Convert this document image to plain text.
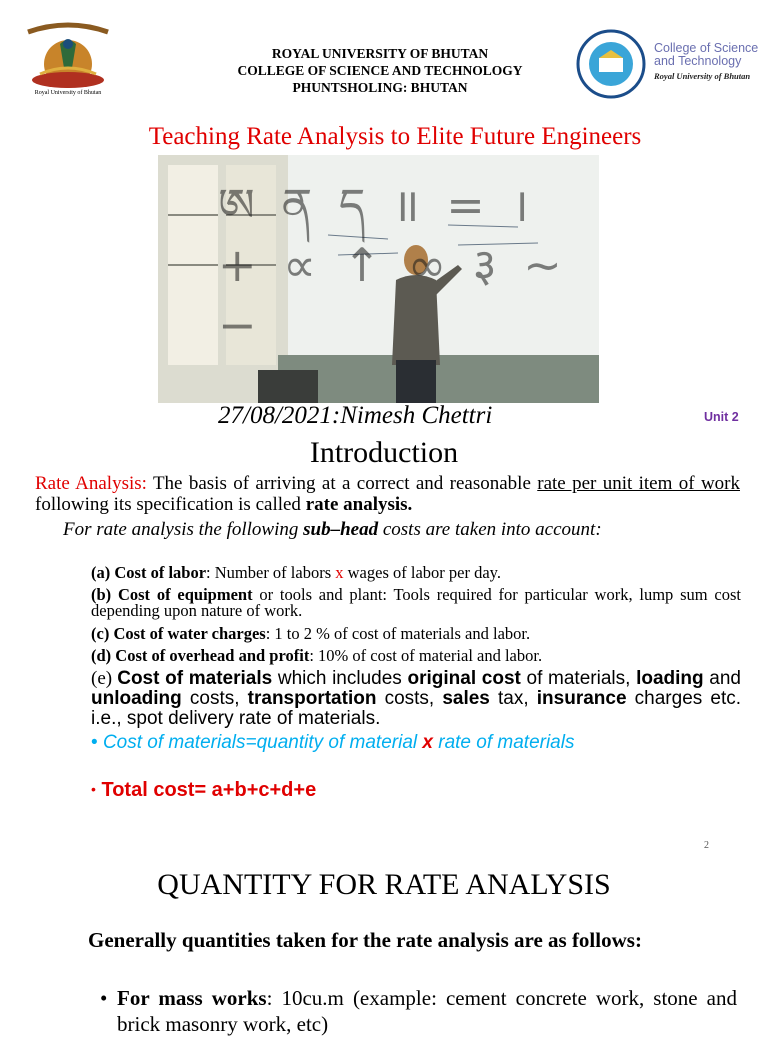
Royal University of Bhutan
ROYAL UNIVERSITY OF BHUTAN
COLLEGE OF SCIENCE AND TECHNOLOGY
PHUNTSHOLING: BHUTAN
College of Science
and Technology
Royal University of Bhutan
Teaching Rate Analysis to Elite Future Engineers
ཨ ན ད ॥ = । + ∝ ↑ ∞ ३ ∼ −
27/08/2021:Nimesh Chettri	Unit 2
Introduction
Rate Analysis: The basis of arriving at a correct and reasonable rate per unit item of work following its specification is called rate analysis.
For rate analysis the following sub–head costs are taken into account:
(a) Cost of labor: Number of labors x wages of labor per day.
(b) Cost of equipment or tools and plant: Tools required for particular work, lump sum cost depending upon nature of work.
(c) Cost of water charges: 1 to 2 % of cost of materials and labor.
(d) Cost of overhead and profit: 10% of cost of material and labor.
(e) Cost of materials which includes original cost of materials, loading and unloading costs, transportation costs, sales tax, insurance charges etc. i.e., spot delivery rate of materials.
• Cost of materials=quantity of material x rate of materials
• Total cost= a+b+c+d+e
2
QUANTITY FOR RATE ANALYSIS
Generally quantities taken for the rate analysis are as follows:
• For mass works: 10cu.m (example: cement concrete work, stone and brick masonry work, etc)
